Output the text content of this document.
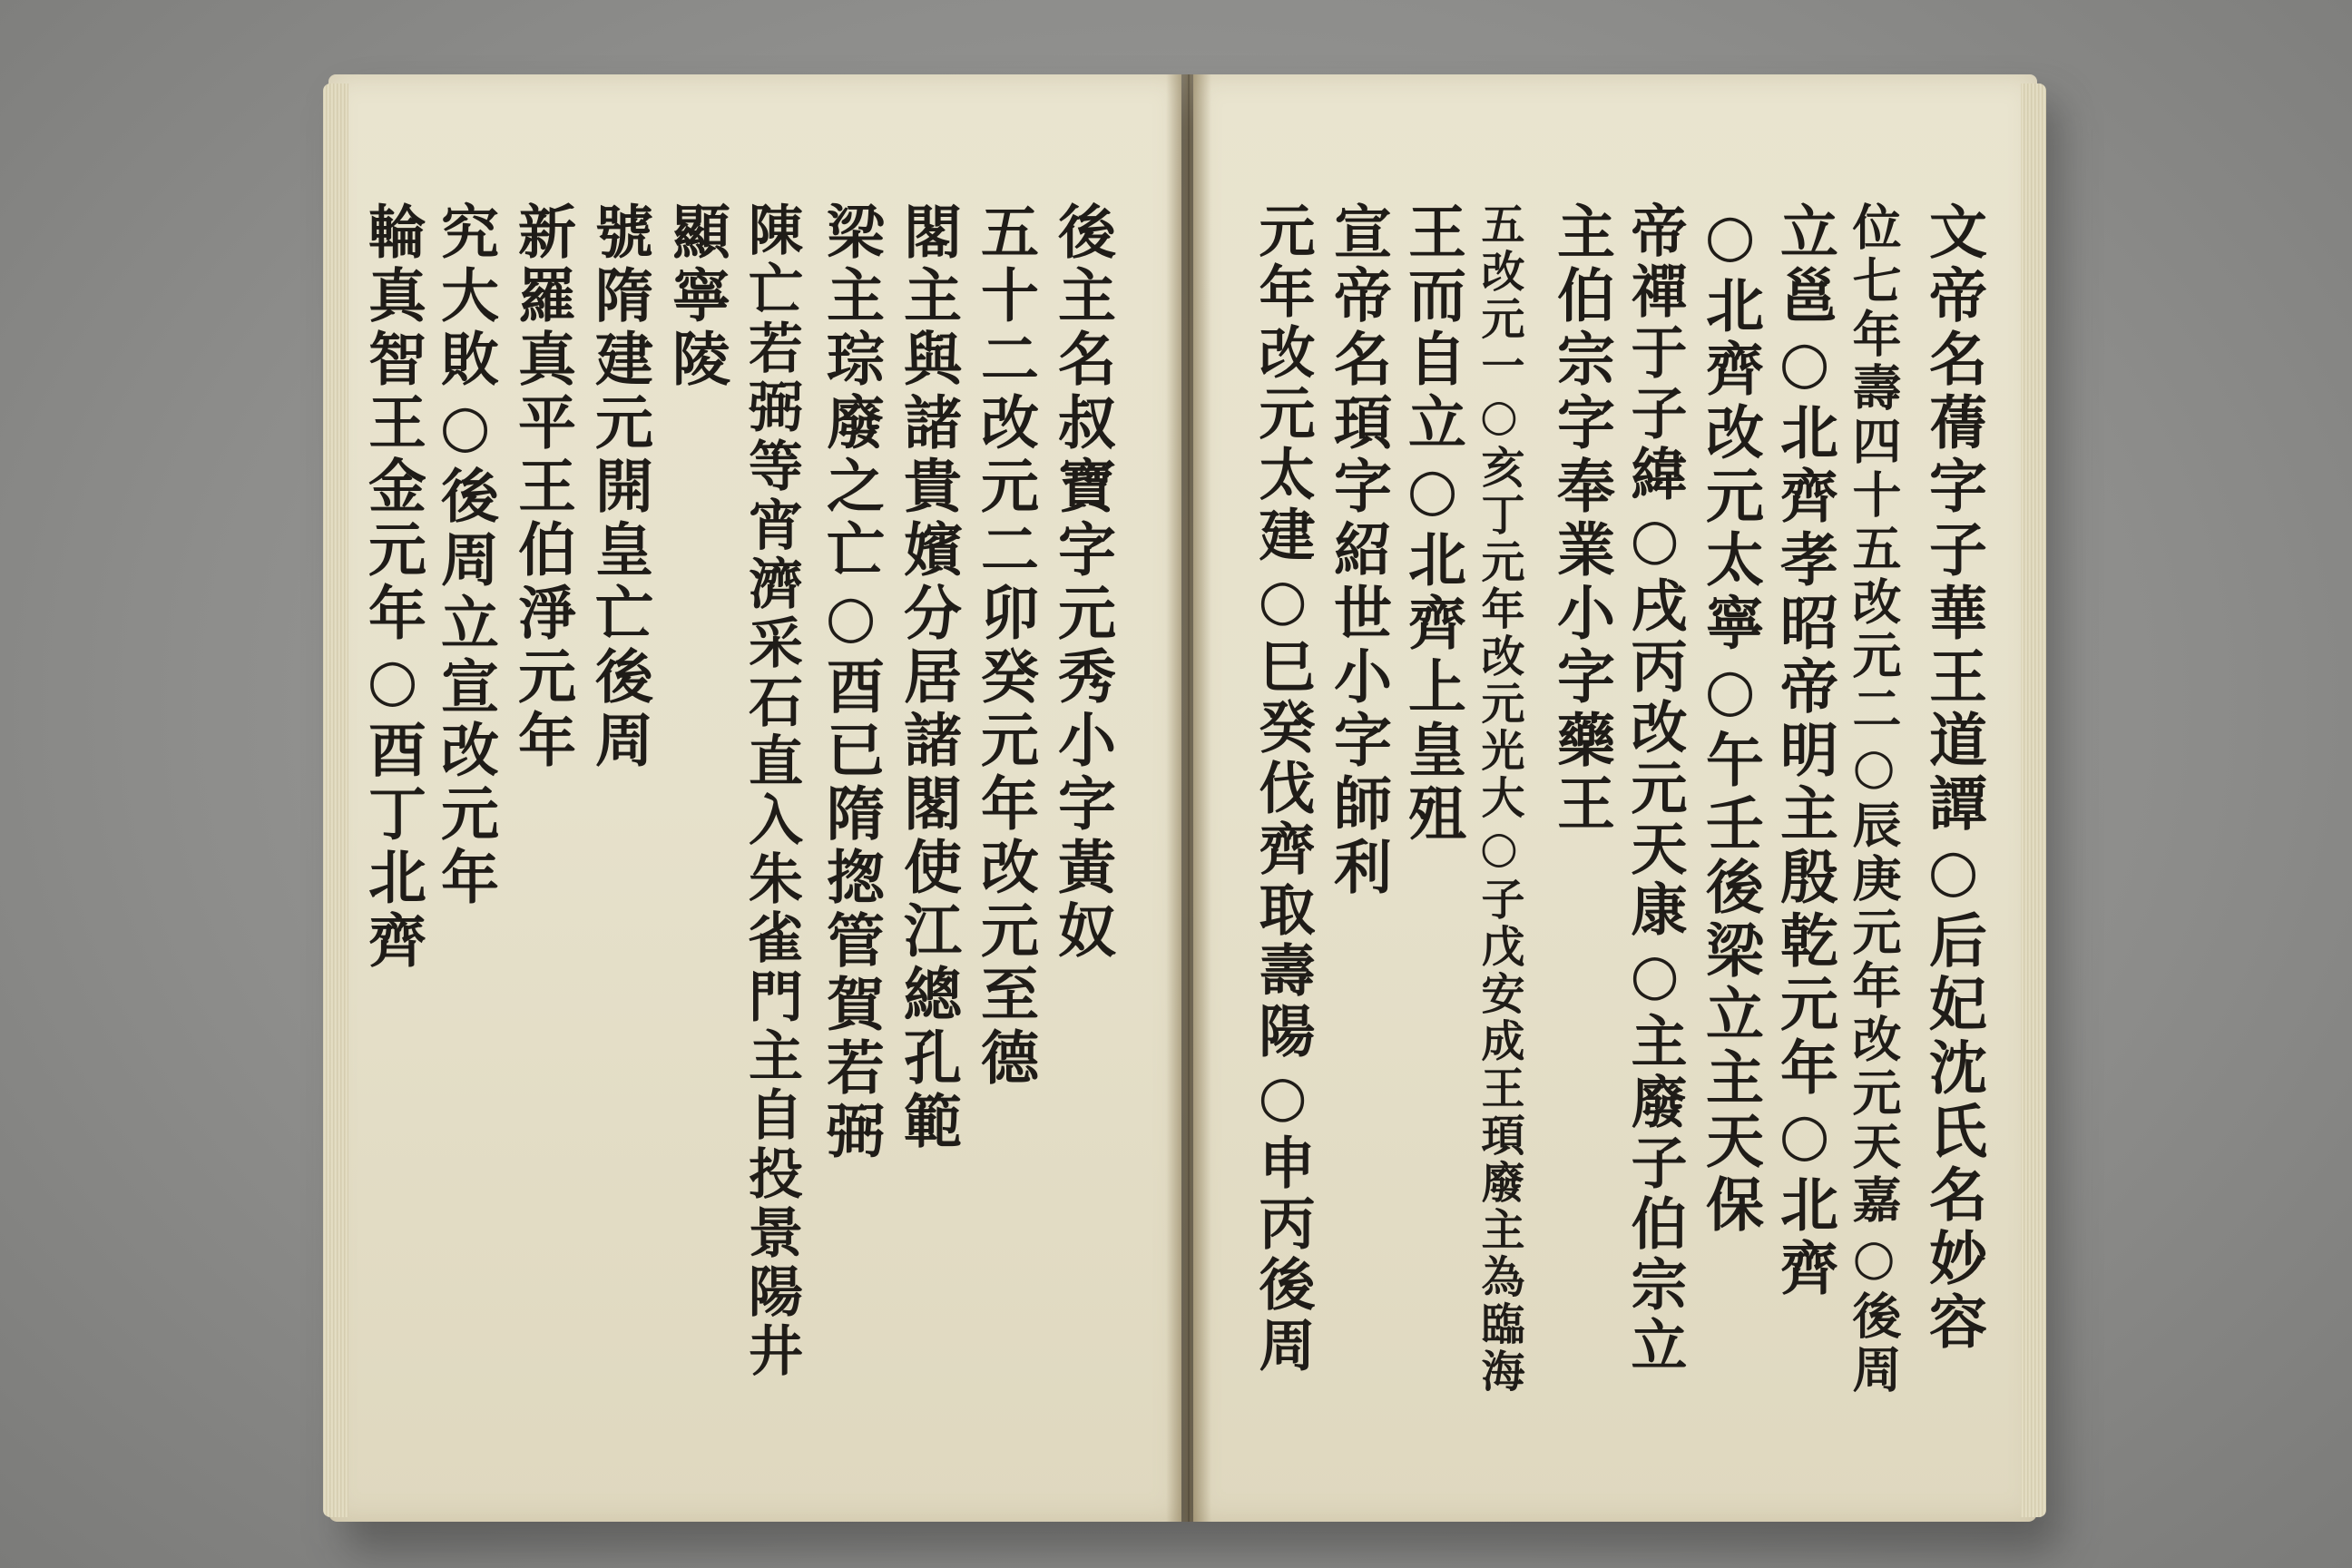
後主名叔寶字元秀小字黃奴
五十二改元二卯癸元年改元至德
閣主與諸貴嬪分居諸閣使江總孔範
梁主琮廢之亡○酉已隋揔管賀若弼
陳亡若弼等宵濟采石直入朱雀門主自投景陽井
顯寧陵
號隋建元開皇亡後周
新羅真平王伯淨元年
究大敗○後周立宣改元年
輪真智王金元年○酉丁北齊	文帝名蒨字子華王道譚○后妃沈氏名妙容
位七年壽四十五改元二○辰庚元年改元天嘉○後周
立邕○北齊孝昭帝明主殷乾元年○北齊
○北齊改元太寧○午壬後梁立主天保
帝禪于子緯○戌丙改元天康○主廢子伯宗立
主伯宗字奉業小字藥王
五改元一○亥丁元年改元光大○子戊安成王頊廢主為臨海
王而自立○北齊上皇殂
宣帝名頊字紹世小字師利
元年改元太建○巳癸伐齊取壽陽○申丙後周
